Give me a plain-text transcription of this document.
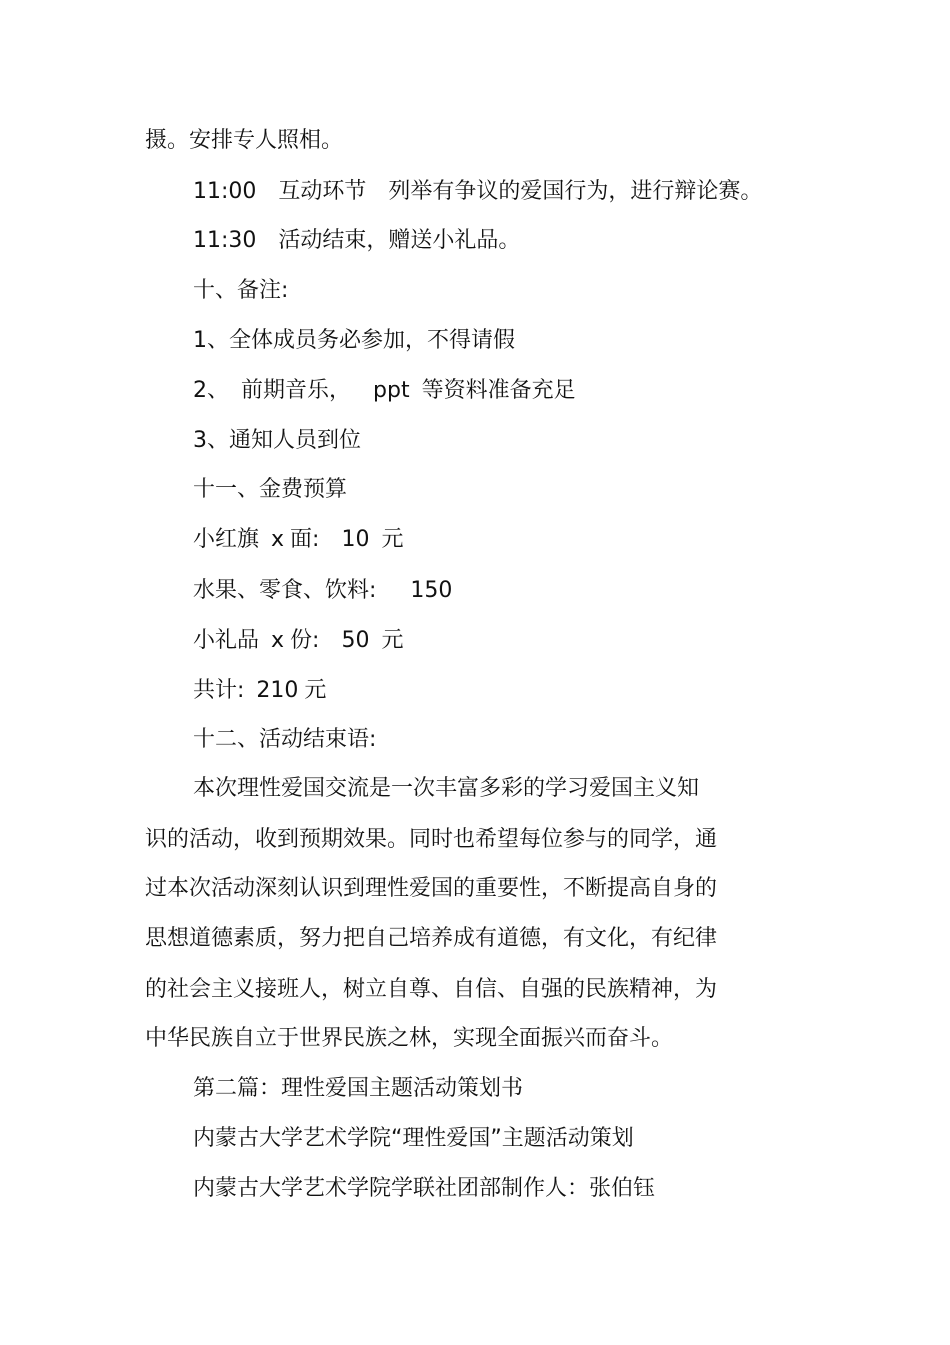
摄。安排专人照相。

11:00 互动环节 列举有争议的爱国行为，进行辩论赛。

11:30 活动结束，赠送小礼品。

十、备注:

1、全体成员务必参加，不得请假

2、 前期音乐， ppt 等资料准备充足

3、通知人员到位

十一、金费预算

小红旗 x 面: 10 元

水果、零食、饮料: 150

小礼品 x 份: 50 元

共计: 210 元

十二、活动结束语:

本次理性爱国交流是一次丰富多彩的学习爱国主义知

识的活动，收到预期效果。同时也希望每位参与的同学，通

过本次活动深刻认识到理性爱国的重要性，不断提高自身的

思想道德素质，努力把自己培养成有道德，有文化，有纪律

的社会主义接班人，树立自尊、自信、自强的民族精神，为

中华民族自立于世界民族之林，实现全面振兴而奋斗。

第二篇：理性爱国主题活动策划书

内蒙古大学艺术学院“理性爱国”主题活动策划

内蒙古大学艺术学院学联社团部制作人：张伯钰
